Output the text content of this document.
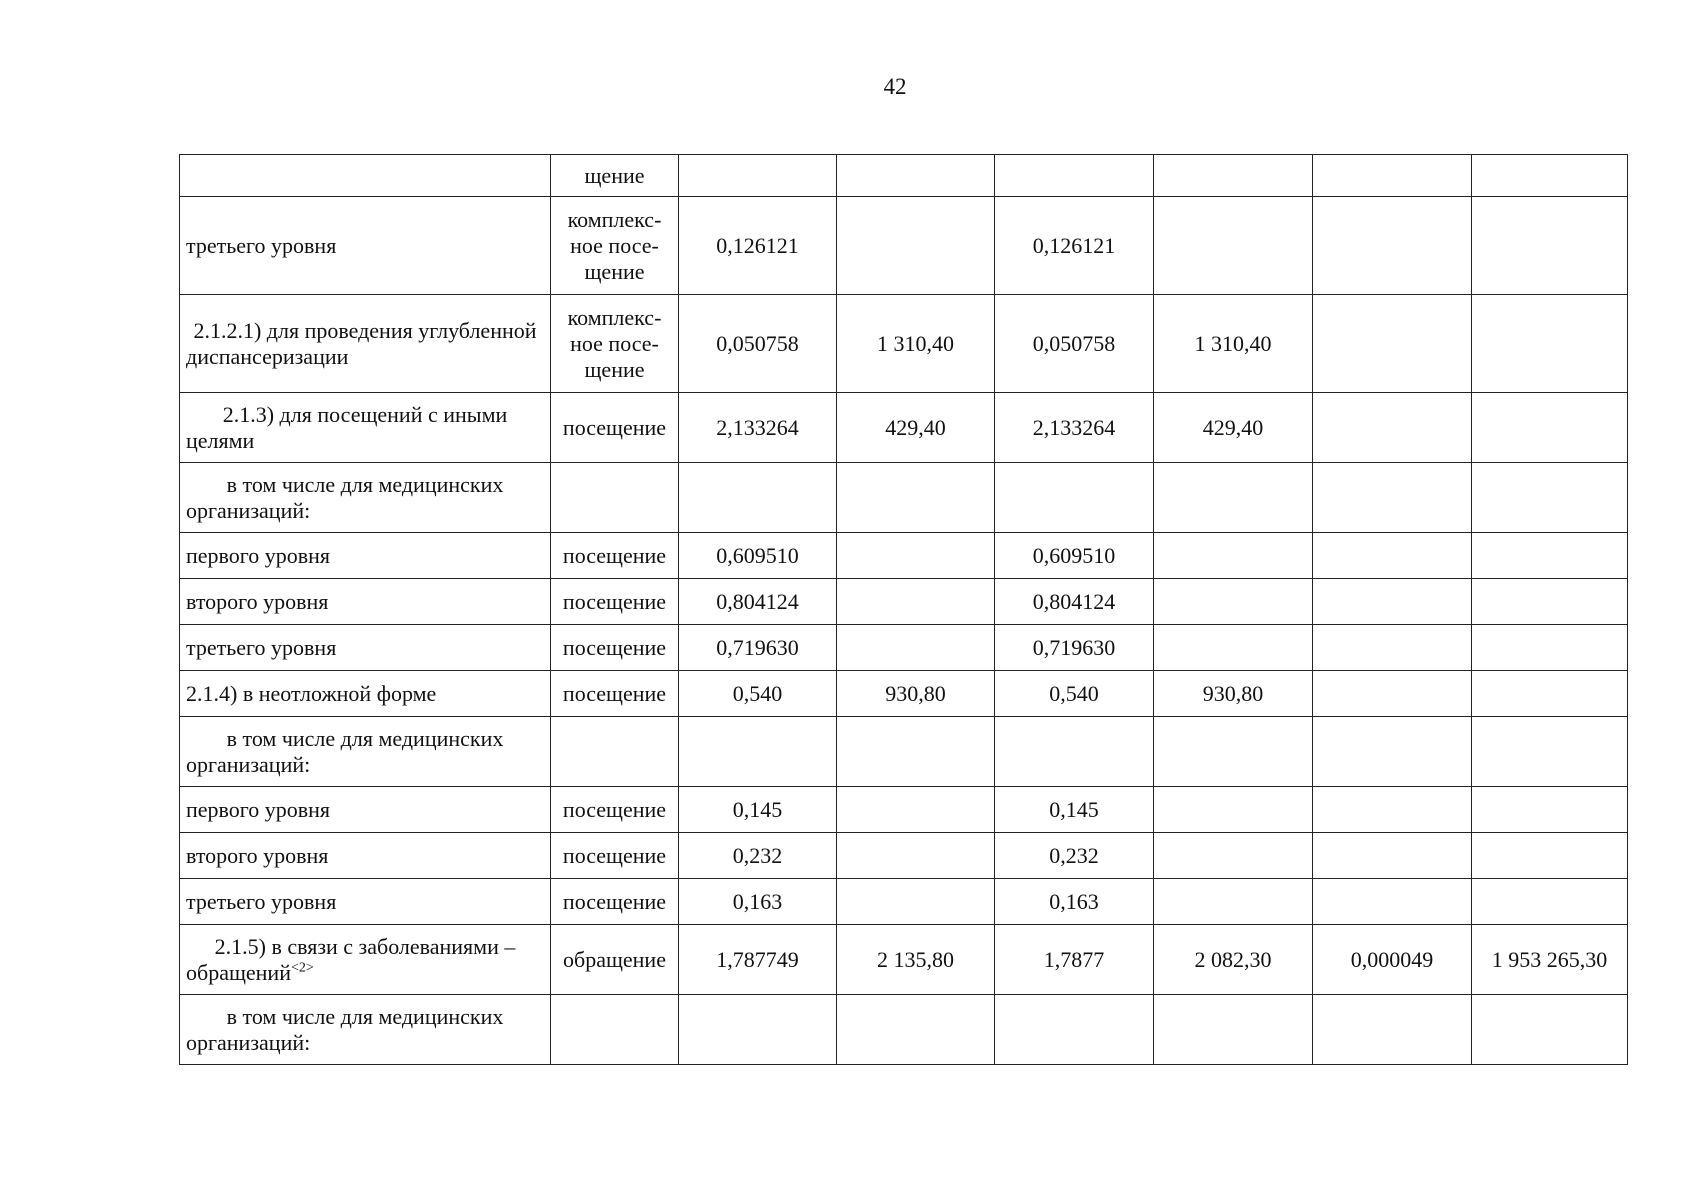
42
	щение						
третьего уровня	комплекс-ное посе-щение	0,126121		0,126121			
2.1.2.1) для проведения углубленной диспансеризации	комплекс-ное посе-щение	0,050758	1 310,40	0,050758	1 310,40		
2.1.3) для посещений с иными целями	посещение	2,133264	429,40	2,133264	429,40		
в том числе для медицинских организаций:							
первого уровня	посещение	0,609510		0,609510			
второго уровня	посещение	0,804124		0,804124			
третьего уровня	посещение	0,719630		0,719630			
2.1.4) в неотложной форме	посещение	0,540	930,80	0,540	930,80		
в том числе для медицинских организаций:							
первого уровня	посещение	0,145		0,145			
второго уровня	посещение	0,232		0,232			
третьего уровня	посещение	0,163		0,163			
2.1.5) в связи с заболеваниями – обращений$^{<2>}$	обращение	1,787749	2 135,80	1,7877	2 082,30	0,000049	1 953 265,30
в том числе для медицинских организаций:							
